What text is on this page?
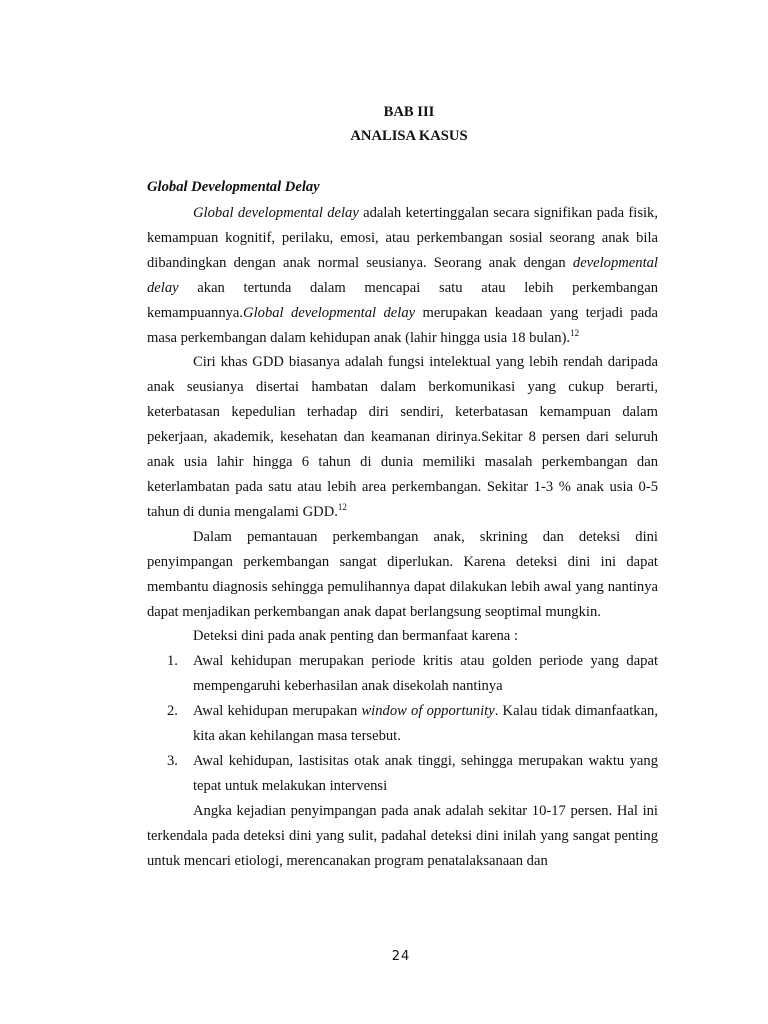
BAB III
ANALISA KASUS
Global Developmental Delay

Global developmental delay adalah ketertinggalan secara signifikan pada fisik, kemampuan kognitif, perilaku, emosi, atau perkembangan sosial seorang anak bila dibandingkan dengan anak normal seusianya. Seorang anak dengan developmental delay akan tertunda dalam mencapai satu atau lebih perkembangan kemampuannya.Global developmental delay merupakan keadaan yang terjadi pada masa perkembangan dalam kehidupan anak (lahir hingga usia 18 bulan).$^{12}$

Ciri khas GDD biasanya adalah fungsi intelektual yang lebih rendah daripada anak seusianya disertai hambatan dalam berkomunikasi yang cukup berarti, keterbatasan kepedulian terhadap diri sendiri, keterbatasan kemampuan dalam pekerjaan, akademik, kesehatan dan keamanan dirinya.Sekitar 8 persen dari seluruh anak usia lahir hingga 6 tahun di dunia memiliki masalah perkembangan dan keterlambatan pada satu atau lebih area perkembangan. Sekitar 1-3 % anak usia 0-5 tahun di dunia mengalami GDD.$^{12}$

Dalam pemantauan perkembangan anak, skrining dan deteksi dini penyimpangan perkembangan sangat diperlukan. Karena deteksi dini ini dapat membantu diagnosis sehingga pemulihannya dapat dilakukan lebih awal yang nantinya dapat menjadikan perkembangan anak dapat berlangsung seoptimal mungkin.

Deteksi dini pada anak penting dan bermanfaat karena :

1. Awal kehidupan merupakan periode kritis atau golden periode yang dapat mempengaruhi keberhasilan anak disekolah nantinya
2. Awal kehidupan merupakan window of opportunity. Kalau tidak dimanfaatkan, kita akan kehilangan masa tersebut.
3. Awal kehidupan, lastisitas otak anak tinggi, sehingga merupakan waktu yang tepat untuk melakukan intervensi

Angka kejadian penyimpangan pada anak adalah sekitar 10-17 persen. Hal ini terkendala pada deteksi dini yang sulit, padahal deteksi dini inilah yang sangat penting untuk mencari etiologi, merencanakan program penatalaksanaan dan

24
